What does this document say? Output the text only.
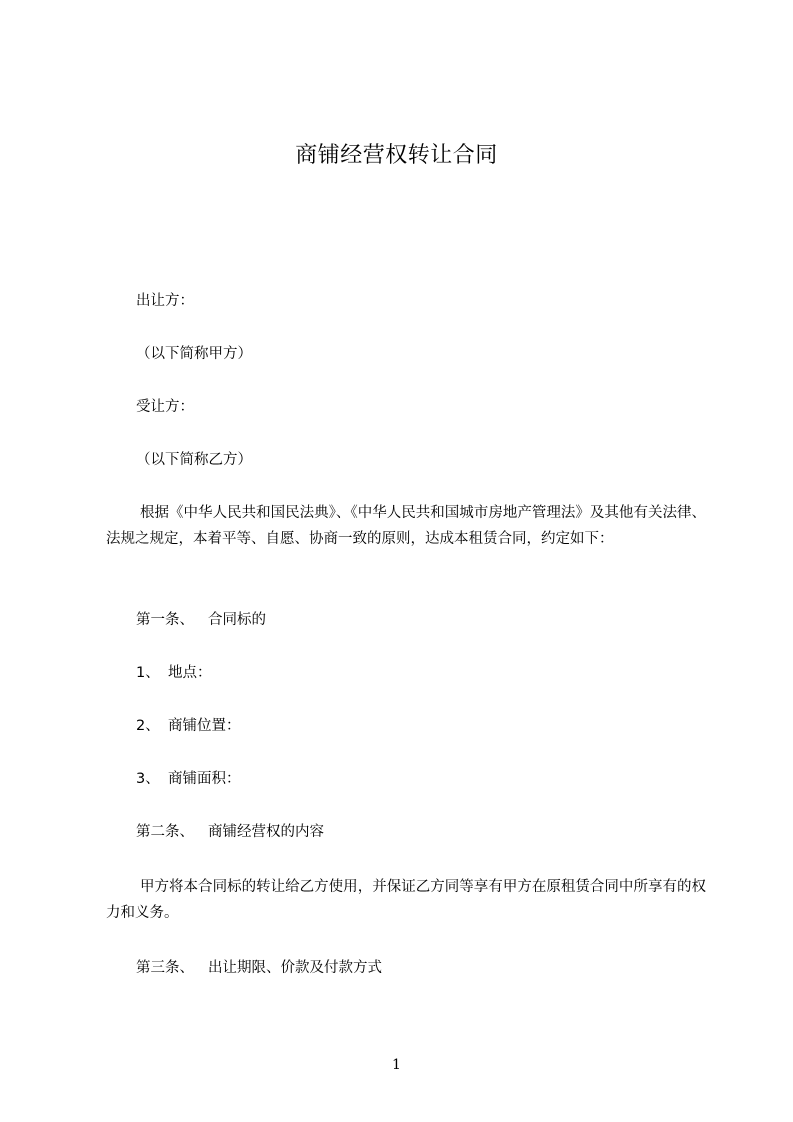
商铺经营权转让合同
出让方：
（以下简称甲方）
受让方：
（以下简称乙方）

根据《中华人民共和国民法典》、《中华人民共和国城市房地产管理法》及其他有关法律、法规之规定，本着平等、自愿、协商一致的原则，达成本租赁合同，约定如下：

第一条、 合同标的
1、 地点：
2、 商铺位置：
3、 商铺面积：
第二条、 商铺经营权的内容

甲方将本合同标的转让给乙方使用，并保证乙方同等享有甲方在原租赁合同中所享有的权力和义务。

第三条、 出让期限、价款及付款方式
1
